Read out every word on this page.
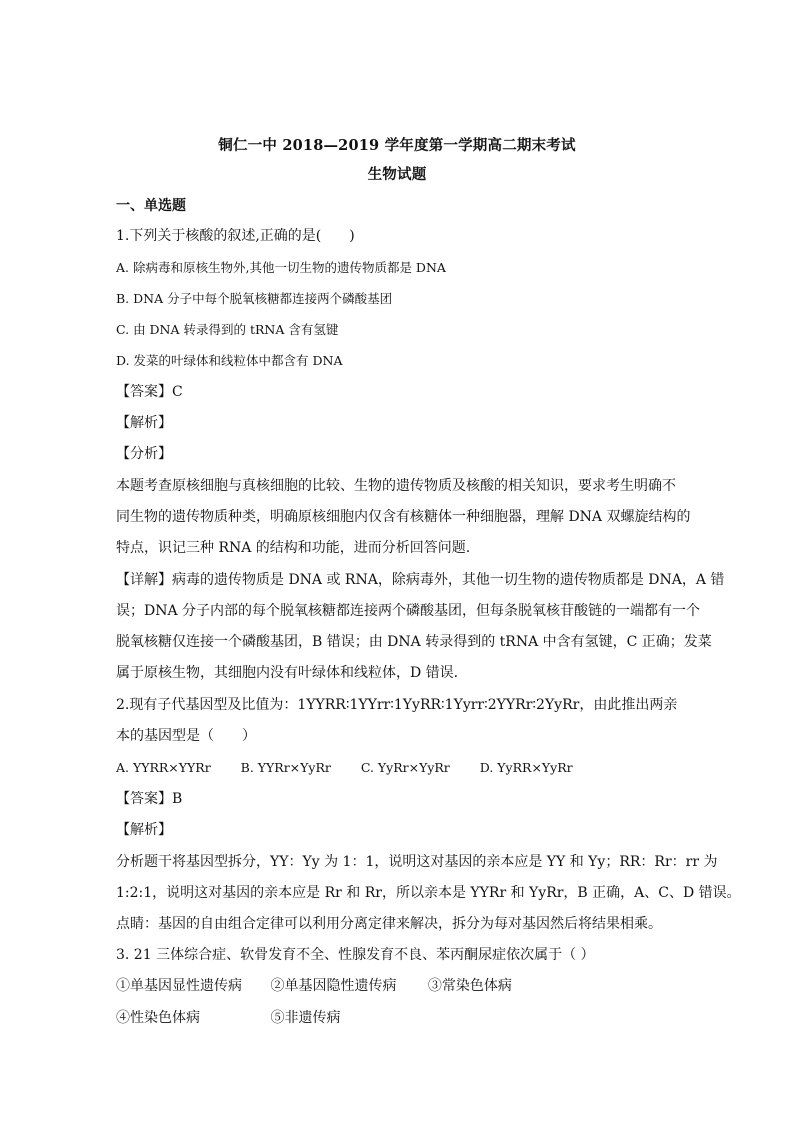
铜仁一中 2018—2019 学年度第一学期高二期末考试
生物试题
一、单选题
1.下列关于核酸的叙述,正确的是(　　)
A. 除病毒和原核生物外,其他一切生物的遗传物质都是 DNA
B. DNA 分子中每个脱氧核糖都连接两个磷酸基团
C. 由 DNA 转录得到的 tRNA 含有氢键
D. 发菜的叶绿体和线粒体中都含有 DNA
【答案】C
【解析】
【分析】
本题考查原核细胞与真核细胞的比较、生物的遗传物质及核酸的相关知识，要求考生明确不
同生物的遗传物质种类，明确原核细胞内仅含有核糖体一种细胞器，理解 DNA 双螺旋结构的
特点，识记三种 RNA 的结构和功能，进而分析回答问题.
【详解】病毒的遗传物质是 DNA 或 RNA，除病毒外，其他一切生物的遗传物质都是 DNA，A 错
误；DNA 分子内部的每个脱氧核糖都连接两个磷酸基团，但每条脱氧核苷酸链的一端都有一个
脱氧核糖仅连接一个磷酸基团，B 错误；由 DNA 转录得到的 tRNA 中含有氢键，C 正确；发菜
属于原核生物，其细胞内没有叶绿体和线粒体，D 错误.
2.现有子代基因型及比值为：1YYRR∶1YYrr∶1YyRR∶1Yyrr∶2YYRr∶2YyRr，由此推出两亲
本的基因型是（　　）
A. YYRR×YYRr B. YYRr×YyRr C. YyRr×YyRr D. YyRR×YyRr
【答案】B
【解析】
分析题干将基因型拆分，YY：Yy 为 1：1，说明这对基因的亲本应是 YY 和 Yy；RR：Rr：rr 为
1:2:1，说明这对基因的亲本应是 Rr 和 Rr，所以亲本是 YYRr 和 YyRr，B 正确，A、C、D 错误。
点睛：基因的自由组合定律可以利用分离定律来解决，拆分为每对基因然后将结果相乘。
3. 21 三体综合症、软骨发育不全、性腺发育不良、苯丙酮尿症依次属于（ ）
①单基因显性遗传病 ②单基因隐性遗传病 ③常染色体病
④性染色体病	⑤非遗传病
